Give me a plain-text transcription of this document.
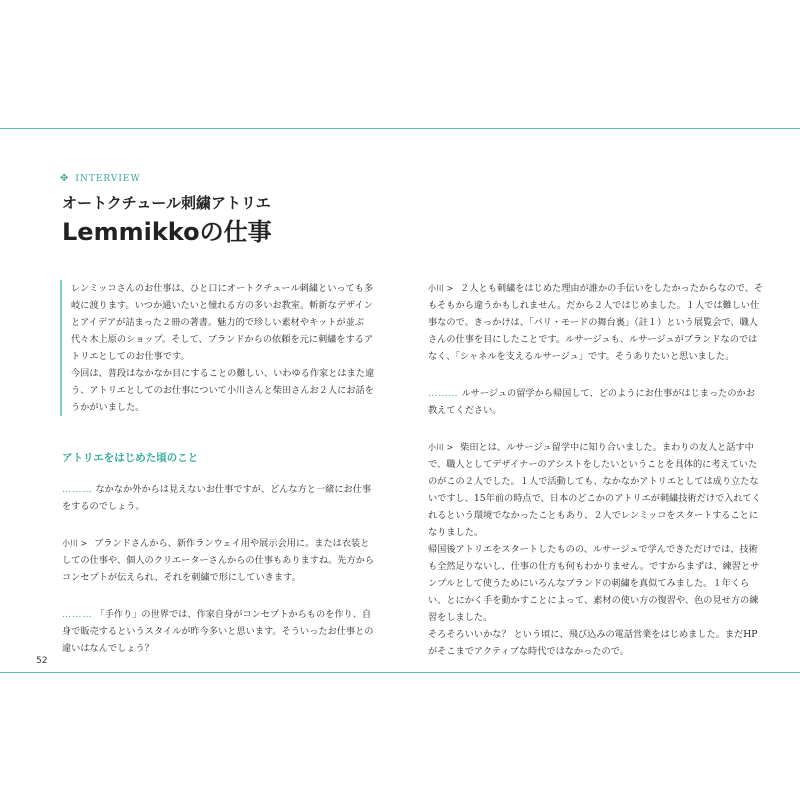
✥ INTERVIEW
オートクチュール刺繍アトリエ
Lemmikkoの仕事

レンミッコさんのお仕事は、ひと口にオートクチュール刺繍といっても多岐に渡ります。いつか通いたいと憧れる方の多いお教室。斬新なデザインとアイデアが詰まった２冊の著書。魅力的で珍しい素材やキットが並ぶ代々木上原のショップ。そして、ブランドからの依頼を元に刺繍をするアトリエとしてのお仕事です。

今回は、普段はなかなか目にすることの難しい、いわゆる作家とはまた違う、アトリエとしてのお仕事について小川さんと柴田さんお２人にお話をうかがいました。

アトリエをはじめた頃のこと

……… なかなか外からは見えないお仕事ですが、どんな方と一緒にお仕事をするのでしょう。

小川 > ブランドさんから、新作ランウェイ用や展示会用に。または衣装としての仕事や、個人のクリエーターさんからの仕事もありますね。先方からコンセプトが伝えられ、それを刺繍で形にしていきます。

……… 「手作り」の世界では、作家自身がコンセプトからものを作り、自身で販売するというスタイルが昨今多いと思います。そういったお仕事との違いはなんでしょう？

小川 > ２人とも刺繍をはじめた理由が誰かの手伝いをしたかったからなので、そもそもから違うかもしれません。だから２人ではじめました。１人では難しい仕事なので。きっかけは、「パリ・モードの舞台裏」（註１）という展覧会で、職人さんの仕事を目にしたことです。ルサージュも、ルサージュがブランドなのではなく、「シャネルを支えるルサージュ」です。そうありたいと思いました。

……… ルサージュの留学から帰国して、どのようにお仕事がはじまったのかお教えてください。

小川 > 柴田とは、ルサージュ留学中に知り合いました。まわりの友人と話す中で、職人としてデザイナーのアシストをしたいということを具体的に考えていたのがこの２人でした。１人で活動しても、なかなかアトリエとしては成り立たないですし、15年前の時点で、日本のどこかのアトリエが刺繍技術だけで入れてくれるという環境でなかったこともあり、２人でレンミッコをスタートすることになりました。

帰国後アトリエをスタートしたものの、ルサージュで学んできただけでは、技術も全然足りないし、仕事の仕方も何もわかりません。ですからまずは、練習とサンプルとして使うためにいろんなブランドの刺繍を真似てみました。１年くらい、とにかく手を動かすことによって、素材の使い方の復習や、色の見せ方の練習をしました。

そろそろいいかな？ という頃に、飛び込みの電話営業をはじめました。まだHPがそこまでアクティブな時代ではなかったので。

52
